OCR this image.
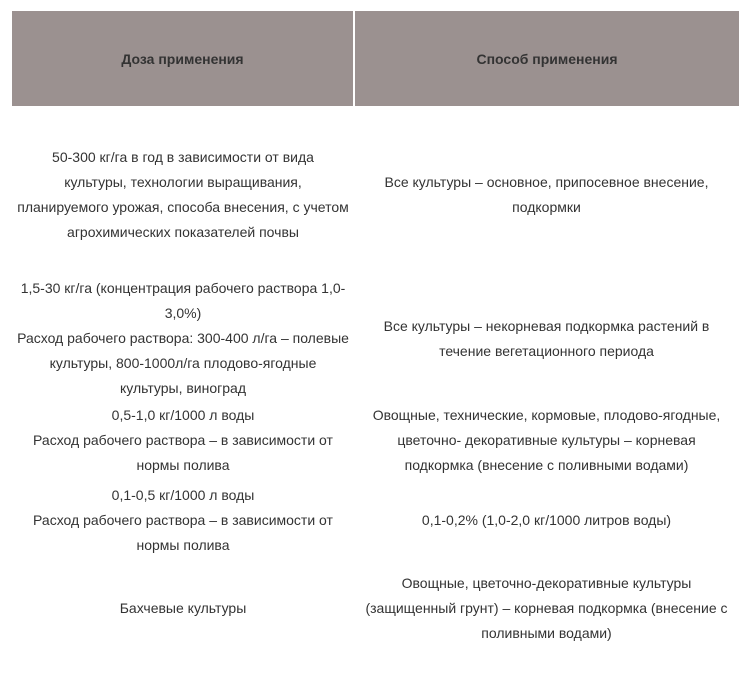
Доза применения	Способ применения

50-300 кг/га в год в зависимости от вида
культуры, технологии выращивания,
планируемого урожая, способа внесения, с учетом
агрохимических показателей почвы	Все культуры – основное, припосевное внесение,
подкормки

1,5-30 кг/га (концентрация рабочего раствора 1,0-
3,0%)
Расход рабочего раствора: 300-400 л/га – полевые
культуры, 800-1000л/га плодово-ягодные
культуры, виноград	Все культуры – некорневая подкормка растений в
течение вегетационного периода

0,5-1,0 кг/1000 л воды
Расход рабочего раствора – в зависимости от
нормы полива	Овощные, технические, кормовые, плодово-ягодные,
цветочно- декоративные культуры – корневая
подкормка (внесение с поливными водами)

0,1-0,5 кг/1000 л воды
Расход рабочего раствора – в зависимости от
нормы полива	0,1-0,2% (1,0-2,0 кг/1000 литров воды)

Бахчевые культуры	Овощные, цветочно-декоративные культуры
(защищенный грунт) – корневая подкормка (внесение с
поливными водами)
